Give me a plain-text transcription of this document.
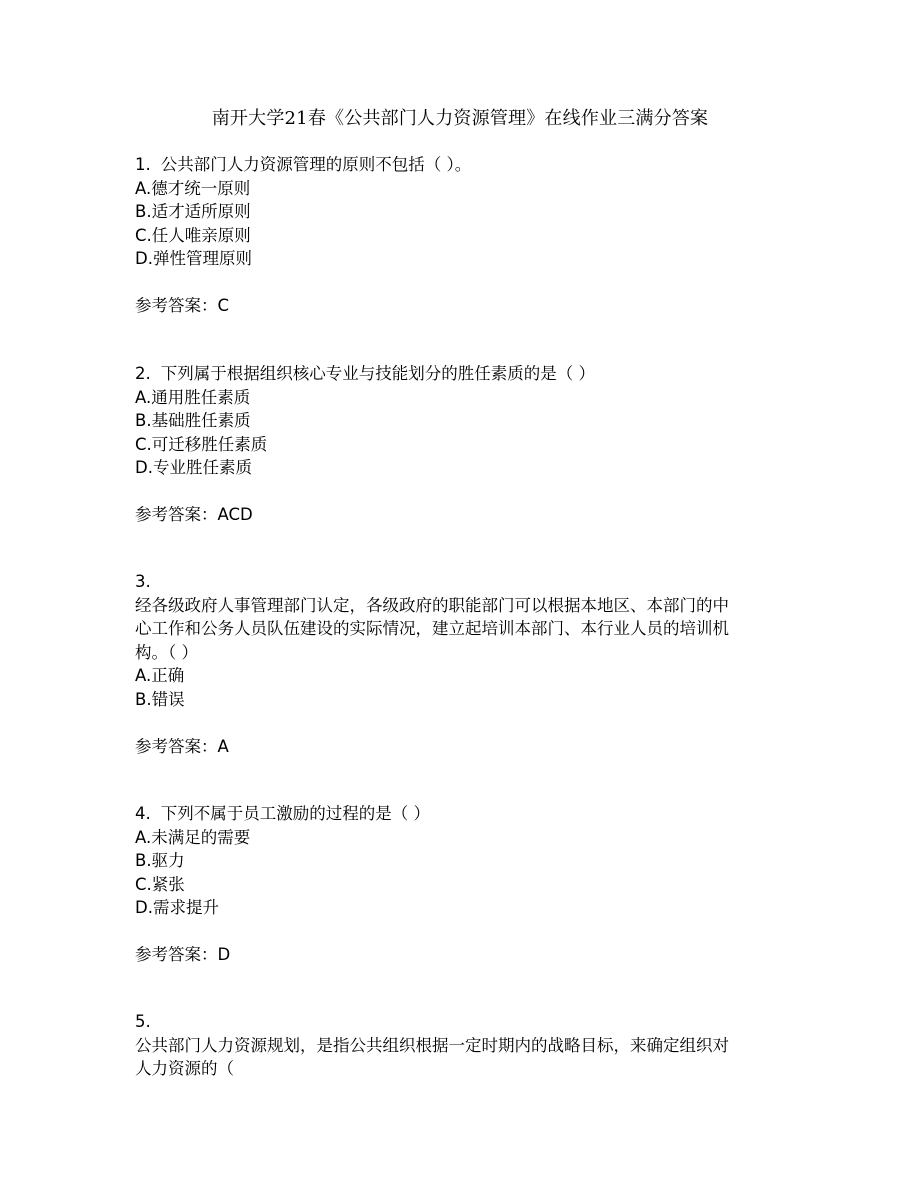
南开大学21春《公共部门人力资源管理》在线作业三满分答案
1. 公共部门人力资源管理的原则不包括（ ）。
A.德才统一原则
B.适才适所原则
C.任人唯亲原则
D.弹性管理原则
参考答案：C
2. 下列属于根据组织核心专业与技能划分的胜任素质的是（ ）
A.通用胜任素质
B.基础胜任素质
C.可迁移胜任素质
D.专业胜任素质
参考答案：ACD
3.
经各级政府人事管理部门认定，各级政府的职能部门可以根据本地区、本部门的中
心工作和公务人员队伍建设的实际情况，建立起培训本部门、本行业人员的培训机
构。（ ）
A.正确
B.错误
参考答案：A
4. 下列不属于员工激励的过程的是（ ）
A.未满足的需要
B.驱力
C.紧张
D.需求提升
参考答案：D
5.
公共部门人力资源规划，是指公共组织根据一定时期内的战略目标，来确定组织对
人力资源的（
